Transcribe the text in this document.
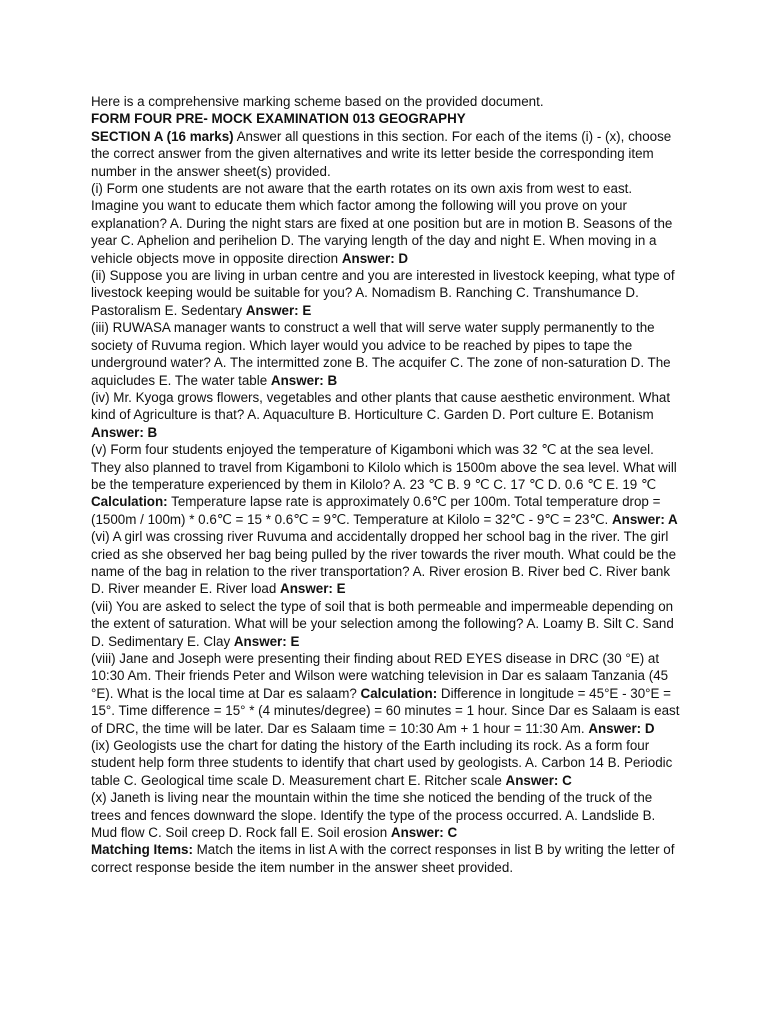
Here is a comprehensive marking scheme based on the provided document.

FORM FOUR PRE- MOCK EXAMINATION 013 GEOGRAPHY

SECTION A (16 marks) Answer all questions in this section. For each of the items (i) - (x), choose the correct answer from the given alternatives and write its letter beside the corresponding item number in the answer sheet(s) provided.

(i) Form one students are not aware that the earth rotates on its own axis from west to east. Imagine you want to educate them which factor among the following will you prove on your explanation? A. During the night stars are fixed at one position but are in motion B. Seasons of the year C. Aphelion and perihelion D. The varying length of the day and night E. When moving in a vehicle objects move in opposite direction Answer: D

(ii) Suppose you are living in urban centre and you are interested in livestock keeping, what type of livestock keeping would be suitable for you? A. Nomadism B. Ranching C. Transhumance D. Pastoralism E. Sedentary Answer: E

(iii) RUWASA manager wants to construct a well that will serve water supply permanently to the society of Ruvuma region. Which layer would you advice to be reached by pipes to tape the underground water? A. The intermitted zone B. The acquifer C. The zone of non-saturation D. The aquicludes E. The water table Answer: B

(iv) Mr. Kyoga grows flowers, vegetables and other plants that cause aesthetic environment. What kind of Agriculture is that? A. Aquaculture B. Horticulture C. Garden D. Port culture E. Botanism Answer: B

(v) Form four students enjoyed the temperature of Kigamboni which was 32 ℃ at the sea level. They also planned to travel from Kigamboni to Kilolo which is 1500m above the sea level. What will be the temperature experienced by them in Kilolo? A. 23 ℃ B. 9 ℃ C. 17 ℃ D. 0.6 ℃ E. 19 ℃ Calculation: Temperature lapse rate is approximately 0.6℃ per 100m. Total temperature drop = (1500m / 100m) * 0.6℃ = 15 * 0.6℃ = 9℃. Temperature at Kilolo = 32℃ - 9℃ = 23℃. Answer: A

(vi) A girl was crossing river Ruvuma and accidentally dropped her school bag in the river. The girl cried as she observed her bag being pulled by the river towards the river mouth. What could be the name of the bag in relation to the river transportation? A. River erosion B. River bed C. River bank D. River meander E. River load Answer: E

(vii) You are asked to select the type of soil that is both permeable and impermeable depending on the extent of saturation. What will be your selection among the following? A. Loamy B. Silt C. Sand D. Sedimentary E. Clay Answer: E

(viii) Jane and Joseph were presenting their finding about RED EYES disease in DRC (30 °E) at 10:30 Am. Their friends Peter and Wilson were watching television in Dar es salaam Tanzania (45 °E). What is the local time at Dar es salaam? Calculation: Difference in longitude = 45°E - 30°E = 15°. Time difference = 15° * (4 minutes/degree) = 60 minutes = 1 hour. Since Dar es Salaam is east of DRC, the time will be later. Dar es Salaam time = 10:30 Am + 1 hour = 11:30 Am. Answer: D

(ix) Geologists use the chart for dating the history of the Earth including its rock. As a form four student help form three students to identify that chart used by geologists. A. Carbon 14 B. Periodic table C. Geological time scale D. Measurement chart E. Ritcher scale Answer: C

(x) Janeth is living near the mountain within the time she noticed the bending of the truck of the trees and fences downward the slope. Identify the type of the process occurred. A. Landslide B. Mud flow C. Soil creep D. Rock fall E. Soil erosion Answer: C

Matching Items: Match the items in list A with the correct responses in list B by writing the letter of correct response beside the item number in the answer sheet provided.
